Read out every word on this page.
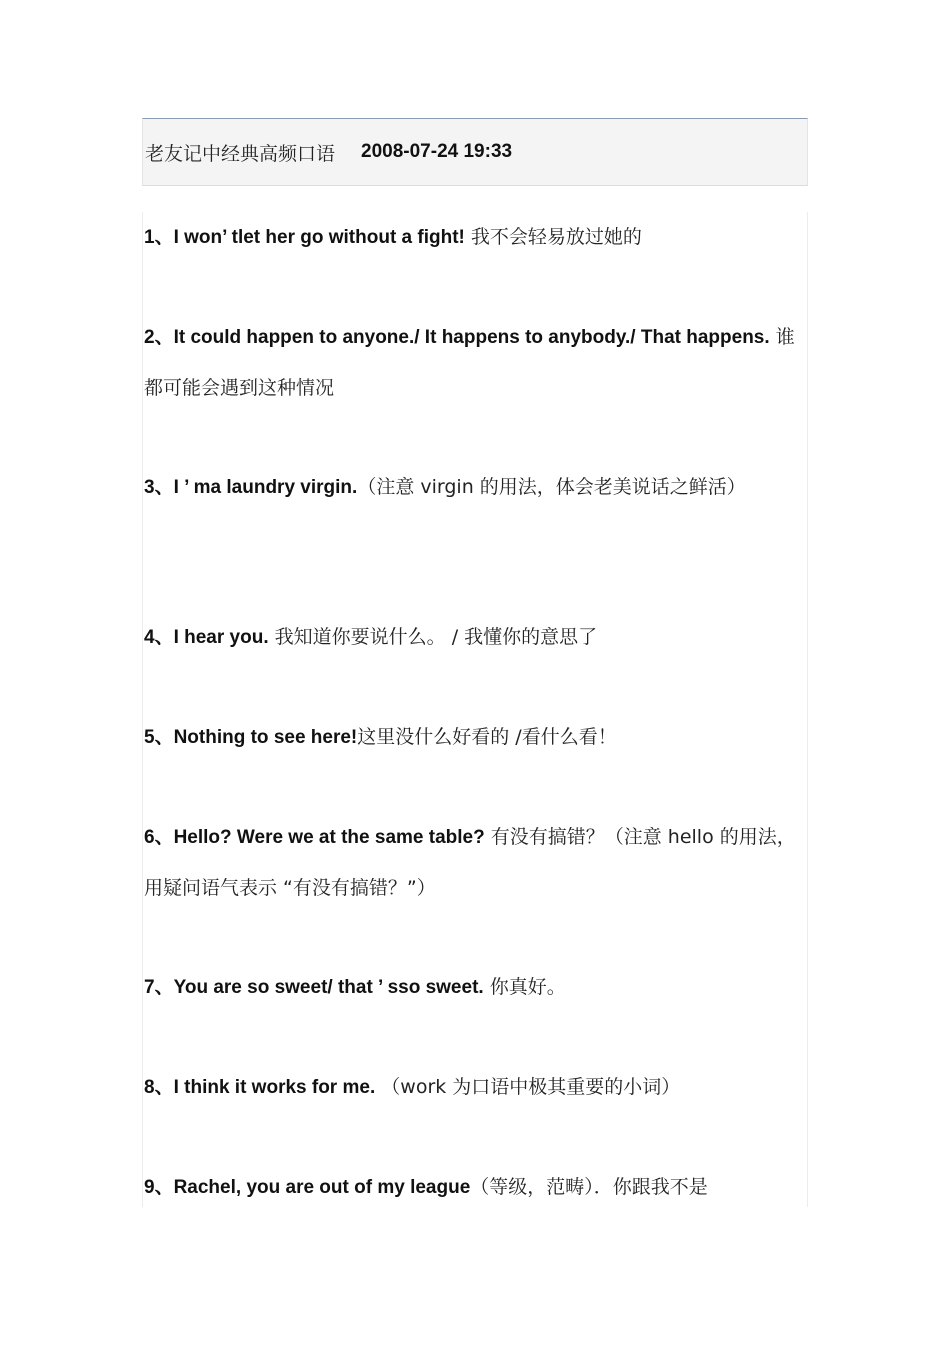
老友记中经典高频口语 2008-07-24 19:33
1、I won’ tlet her go without a fight! 我不会轻易放过她的
2、It could happen to anyone./ It happens to anybody./ That happens. 谁都可能会遇到这种情况
3、I ’ ma laundry virgin.（注意 virgin 的用法，体会老美说话之鲜活）
4、I hear you. 我知道你要说什么。 / 我懂你的意思了
5、Nothing to see here!这里没什么好看的 /看什么看！
6、Hello? Were we at the same table? 有没有搞错？（注意 hello 的用法，用疑问语气表示 “有没有搞错？”）
7、You are so sweet/ that ’ sso sweet. 你真好。
8、I think it works for me. （work 为口语中极其重要的小词）
9、Rachel, you are out of my league（等级，范畴）．你跟我不是
